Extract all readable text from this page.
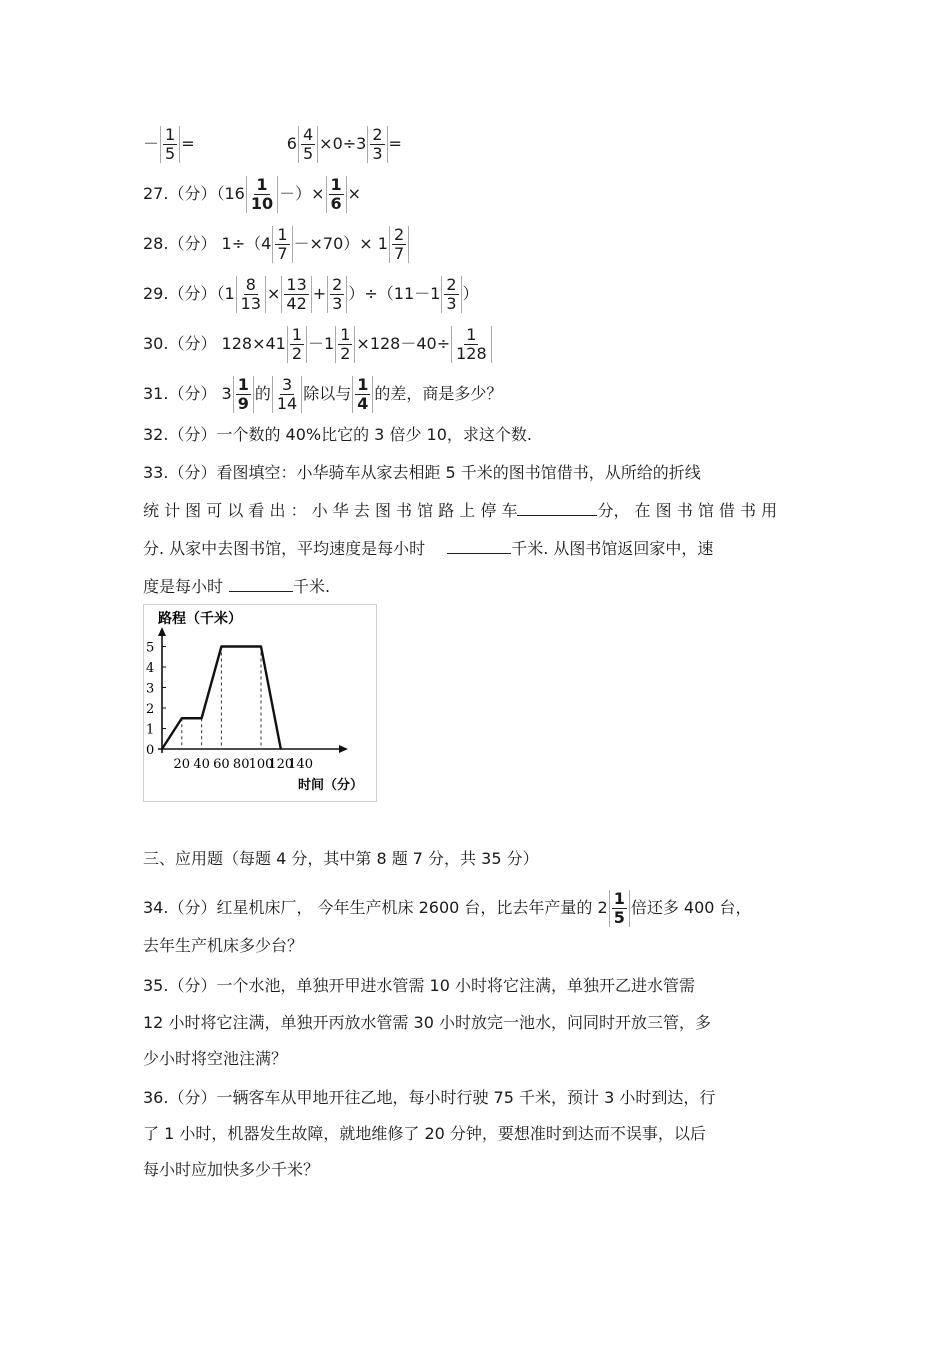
－ $\frac{1}{5}$ =	$6 \frac{4}{5} \times 0\div 3 \frac{2}{3}$ =
27.（分）（$16 \frac{1}{10}$ －）× $\frac{1}{6}$ ×
28.（分） $1\div(4 \frac{1}{7} -\times 70)\times 1 \frac{2}{7}$
29.（分）$(1 \frac{8}{13} \times \frac{13}{42} + \frac{2}{3} )\div(11-1 \frac{2}{3}$ ）
30.（分） $128\times 41 \frac{1}{2} -1 \frac{1}{2} \times 128-40\div \frac{1}{128}$
31.（分） $3 \frac{1}{9}$ 的 $\frac{3}{14}$ 除以与 $\frac{1}{4}$ 的差，商是多少？
32.（分）一个数的 40%比它的 3 倍少 10，求这个数.
33.（分）看图填空：小华骑车从家去相距 5 千米的图书馆借书，从所给的折线
统 计 图 可 以 看 出 ： 小 华 去 图 书 馆 路 上 停 车	分， 在 图 书 馆 借 书 用
分. 从家中去图书馆，平均速度是每小时	千米. 从图书馆返回家中，速
度是每小时	千米.
0
1
2
3
4
5
20 40 60 80 100
120
140
路程（千米）
时间（分）
三、应用题（每题 4 分，其中第 8 题 7 分，共 35 分）
34.（分）红星机床厂， 今年生产机床 2600 台，比去年产量的 $2 \frac{1}{5}$ 倍还多 400 台，
去年生产机床多少台？
35.（分）一个水池，单独开甲进水管需 10 小时将它注满，单独开乙进水管需
12 小时将它注满，单独开丙放水管需 30 小时放完一池水，问同时开放三管，多
少小时将空池注满？
36.（分）一辆客车从甲地开往乙地，每小时行驶 75 千米，预计 3 小时到达，行
了 1 小时，机器发生故障，就地维修了 20 分钟，要想准时到达而不误事，以后
每小时应加快多少千米？
